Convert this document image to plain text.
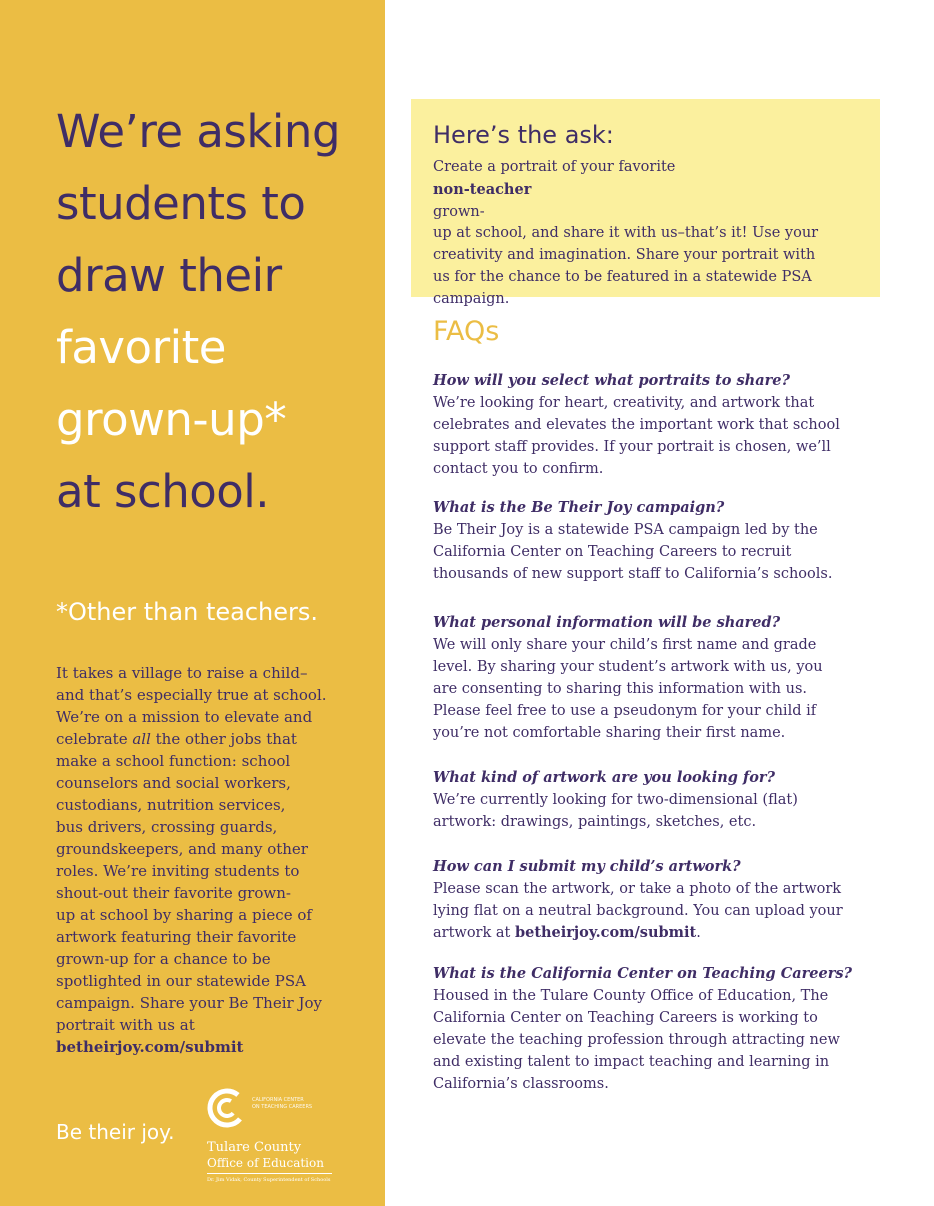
We’re asking
students to
draw their
favorite
grown-up*
at school.
*Other than teachers.

It takes a village to raise a child–
and that’s especially true at school.
We’re on a mission to elevate and
celebrate all the other jobs that
make a school function: school
counselors and social workers,
custodians, nutrition services,
bus drivers, crossing guards,
groundskeepers, and many other
roles. We’re inviting students to
shout-out their favorite grown-
up at school by sharing a piece of
artwork featuring their favorite
grown-up for a chance to be
spotlighted in our statewide PSA
campaign. Share your Be Their Joy
portrait with us at
betheirjoy.com/submit

Be their joy.
CALIFORNIA CENTER
ON TEACHING CAREERS
Tulare County
Office of Education
Dr. Jim Vidak, County Superintendent of Schools
Here’s the ask:

Create a portrait of your favorite
non-teacher
grown-
up at school, and share it with us–that’s it! Use your
creativity and imagination. Share your portrait with
us for the chance to be featured in a statewide PSA
campaign.

FAQs
How will you select what portraits to share?
We’re looking for heart, creativity, and artwork that
celebrates and elevates the important work that school
support staff provides. If your portrait is chosen, we’ll
contact you to confirm.
What is the Be Their Joy campaign?
Be Their Joy is a statewide PSA campaign led by the
California Center on Teaching Careers to recruit
thousands of new support staff to California’s schools.
What personal information will be shared?
We will only share your child’s first name and grade
level. By sharing your student’s artwork with us, you
are consenting to sharing this information with us.
Please feel free to use a pseudonym for your child if
you’re not comfortable sharing their first name.
What kind of artwork are you looking for?
We’re currently looking for two-dimensional (flat)
artwork: drawings, paintings, sketches, etc.
How can I submit my child’s artwork?
Please scan the artwork, or take a photo of the artwork
lying flat on a neutral background. You can upload your
artwork at betheirjoy.com/submit.
What is the California Center on Teaching Careers?
Housed in the Tulare County Office of Education, The
California Center on Teaching Careers is working to
elevate the teaching profession through attracting new
and existing talent to impact teaching and learning in
California’s classrooms.
